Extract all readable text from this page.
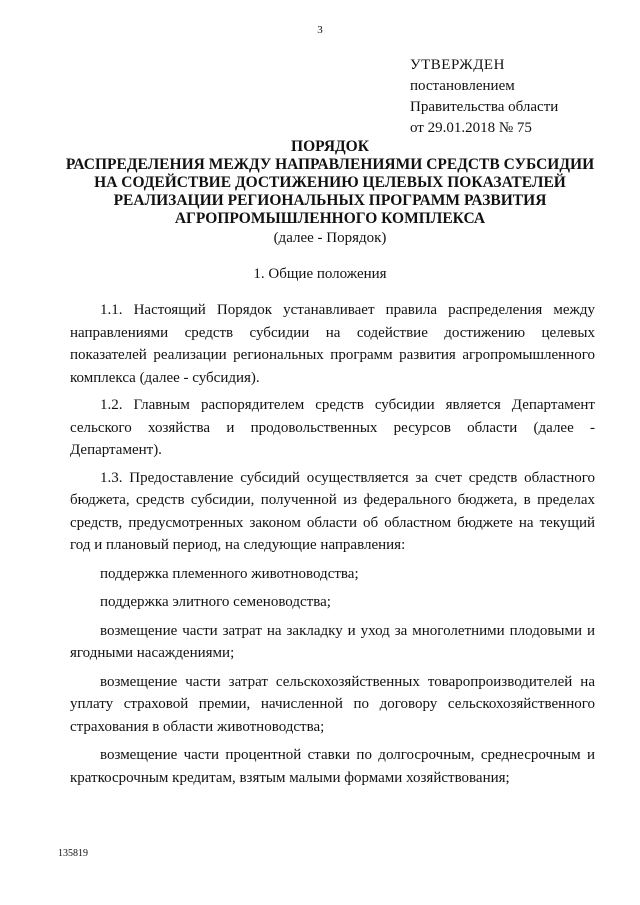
3
УТВЕРЖДЕН
постановлением
Правительства области
от 29.01.2018 № 75
ПОРЯДОК
РАСПРЕДЕЛЕНИЯ МЕЖДУ НАПРАВЛЕНИЯМИ СРЕДСТВ СУБСИДИИ
НА СОДЕЙСТВИЕ ДОСТИЖЕНИЮ ЦЕЛЕВЫХ ПОКАЗАТЕЛЕЙ
РЕАЛИЗАЦИИ РЕГИОНАЛЬНЫХ ПРОГРАММ РАЗВИТИЯ
АГРОПРОМЫШЛЕННОГО КОМПЛЕКСА
(далее - Порядок)
1. Общие положения

1.1. Настоящий Порядок устанавливает правила распределения между направлениями средств субсидии на содействие достижению целевых показателей реализации региональных программ развития агропромышленного комплекса (далее - субсидия).

1.2. Главным распорядителем средств субсидии является Департамент сельского хозяйства и продовольственных ресурсов области (далее - Департамент).

1.3. Предоставление субсидий осуществляется за счет средств областного бюджета, средств субсидии, полученной из федерального бюджета, в пределах средств, предусмотренных законом области об областном бюджете на текущий год и плановый период, на следующие направления:

поддержка племенного животноводства;

поддержка элитного семеноводства;

возмещение части затрат на закладку и уход за многолетними плодовыми и ягодными насаждениями;

возмещение части затрат сельскохозяйственных товаропроизводителей на уплату страховой премии, начисленной по договору сельскохозяйственного страхования в области животноводства;

возмещение части процентной ставки по долгосрочным, среднесрочным и краткосрочным кредитам, взятым малыми формами хозяйствования;

135819
